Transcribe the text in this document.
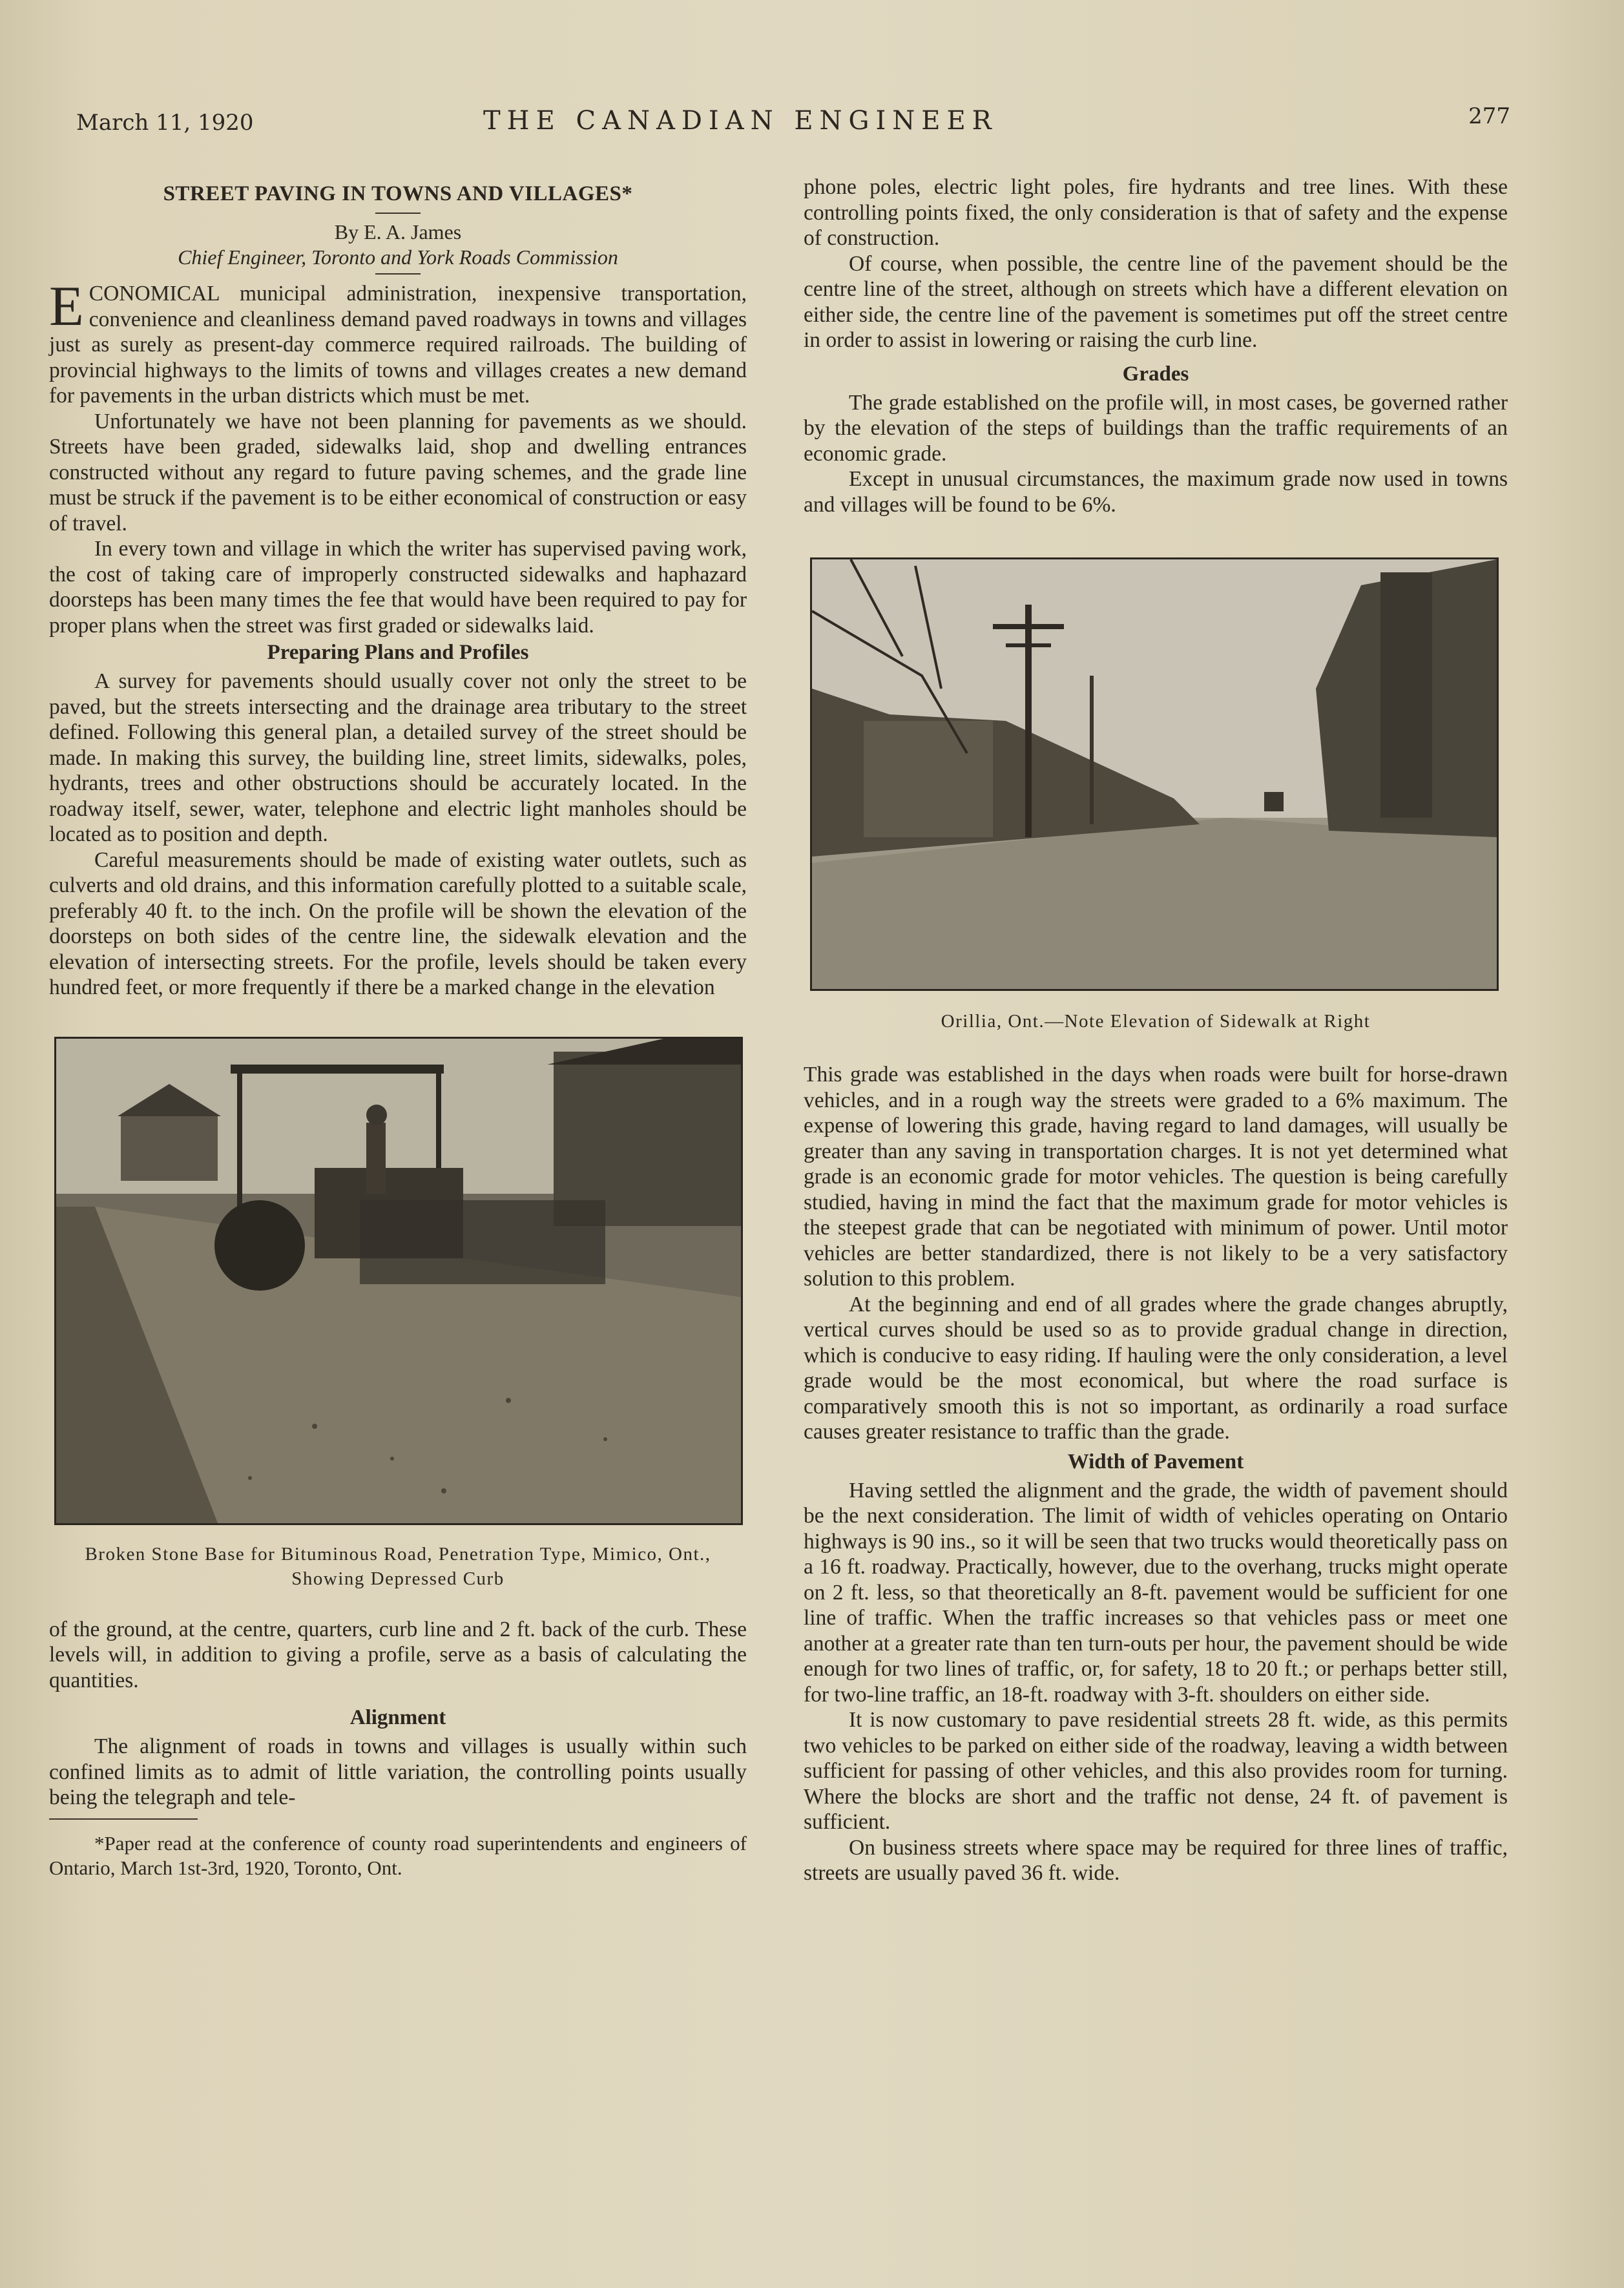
March 11, 1920	THE CANADIAN ENGINEER	277
STREET PAVING IN TOWNS AND VILLAGES*
By E. A. James
Chief Engineer, Toronto and York Roads Commission

ECONOMICAL municipal administration, inexpensive transportation, convenience and cleanliness demand paved roadways in towns and villages just as surely as present-day commerce required railroads. The building of provincial highways to the limits of towns and villages creates a new demand for pavements in the urban districts which must be met.

Unfortunately we have not been planning for pavements as we should. Streets have been graded, sidewalks laid, shop and dwelling entrances constructed without any regard to future paving schemes, and the grade line must be struck if the pavement is to be either economical of construction or easy of travel.

In every town and village in which the writer has supervised paving work, the cost of taking care of improperly constructed sidewalks and haphazard doorsteps has been many times the fee that would have been required to pay for proper plans when the street was first graded or sidewalks laid.

Preparing Plans and Profiles

A survey for pavements should usually cover not only the street to be paved, but the streets intersecting and the drainage area tributary to the street defined. Following this general plan, a detailed survey of the street should be made. In making this survey, the building line, street limits, sidewalks, poles, hydrants, trees and other obstructions should be accurately located. In the roadway itself, sewer, water, telephone and electric light manholes should be located as to position and depth.

Careful measurements should be made of existing water outlets, such as culverts and old drains, and this information carefully plotted to a suitable scale, preferably 40 ft. to the inch. On the profile will be shown the elevation of the doorsteps on both sides of the centre line, the sidewalk elevation and the elevation of intersecting streets. For the profile, levels should be taken every hundred feet, or more frequently if there be a marked change in the elevation

Broken Stone Base for Bituminous Road, Penetration Type, Mimico, Ont., Showing Depressed Curb

of the ground, at the centre, quarters, curb line and 2 ft. back of the curb. These levels will, in addition to giving a profile, serve as a basis of calculating the quantities.

Alignment

The alignment of roads in towns and villages is usually within such confined limits as to admit of little variation, the controlling points usually being the telegraph and tele-

*Paper read at the conference of county road superintendents and engineers of Ontario, March 1st-3rd, 1920, Toronto, Ont.

phone poles, electric light poles, fire hydrants and tree lines. With these controlling points fixed, the only consideration is that of safety and the expense of construction.

Of course, when possible, the centre line of the pavement should be the centre line of the street, although on streets which have a different elevation on either side, the centre line of the pavement is sometimes put off the street centre in order to assist in lowering or raising the curb line.

Grades

The grade established on the profile will, in most cases, be governed rather by the elevation of the steps of buildings than the traffic requirements of an economic grade.

Except in unusual circumstances, the maximum grade now used in towns and villages will be found to be 6%.

Orillia, Ont.—Note Elevation of Sidewalk at Right

This grade was established in the days when roads were built for horse-drawn vehicles, and in a rough way the streets were graded to a 6% maximum. The expense of lowering this grade, having regard to land damages, will usually be greater than any saving in transportation charges. It is not yet determined what grade is an economic grade for motor vehicles. The question is being carefully studied, having in mind the fact that the maximum grade for motor vehicles is the steepest grade that can be negotiated with minimum of power. Until motor vehicles are better standardized, there is not likely to be a very satisfactory solution to this problem.

At the beginning and end of all grades where the grade changes abruptly, vertical curves should be used so as to provide gradual change in direction, which is conducive to easy riding. If hauling were the only consideration, a level grade would be the most economical, but where the road surface is comparatively smooth this is not so important, as ordinarily a road surface causes greater resistance to traffic than the grade.

Width of Pavement

Having settled the alignment and the grade, the width of pavement should be the next consideration. The limit of width of vehicles operating on Ontario highways is 90 ins., so it will be seen that two trucks would theoretically pass on a 16 ft. roadway. Practically, however, due to the overhang, trucks might operate on 2 ft. less, so that theoretically an 8-ft. pavement would be sufficient for one line of traffic. When the traffic increases so that vehicles pass or meet one another at a greater rate than ten turn-outs per hour, the pavement should be wide enough for two lines of traffic, or, for safety, 18 to 20 ft.; or perhaps better still, for two-line traffic, an 18-ft. roadway with 3-ft. shoulders on either side.

It is now customary to pave residential streets 28 ft. wide, as this permits two vehicles to be parked on either side of the roadway, leaving a width between sufficient for passing of other vehicles, and this also provides room for turning. Where the blocks are short and the traffic not dense, 24 ft. of pavement is sufficient.

On business streets where space may be required for three lines of traffic, streets are usually paved 36 ft. wide.
